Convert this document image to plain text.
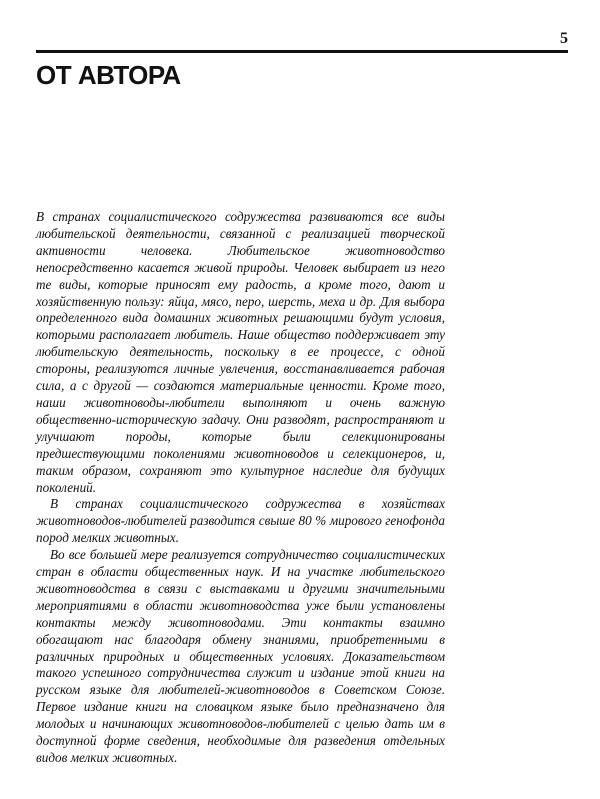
5
ОТ АВТОРА

В странах социалистического содружества развиваются все виды любительской деятельности, связанной с реализацией творческой активности человека. Любительское животноводство непосредственно касается живой природы. Человек выбирает из него те виды, которые приносят ему радость, а кроме того, дают и хозяйственную пользу: яйца, мясо, перо, шерсть, меха и др. Для выбора определенного вида домашних животных решающими будут условия, которыми располагает любитель. Наше общество поддерживает эту любительскую деятельность, поскольку в ее процессе, с одной стороны, реализуются личные увлечения, восстанавливается рабочая сила, а с другой — создаются материальные ценности. Кроме того, наши животноводы-любители выполняют и очень важную общественно-историческую задачу. Они разводят, распространяют и улучшают породы, которые были селекционированы предшествующими поколениями животноводов и селекционеров, и, таким образом, сохраняют это культурное наследие для будущих поколений.

В странах социалистического содружества в хозяйствах животноводов-любителей разводится свыше 80 % мирового генофонда пород мелких животных.

Во все большей мере реализуется сотрудничество социалистических стран в области общественных наук. И на участке любительского животноводства в связи с выставками и другими значительными мероприятиями в области животноводства уже были установлены контакты между животноводами. Эти контакты взаимно обогащают нас благодаря обмену знаниями, приобретенными в различных природных и общественных условиях. Доказательством такого успешного сотрудничества служит и издание этой книги на русском языке для любителей-животноводов в Советском Союзе. Первое издание книги на словацком языке было предназначено для молодых и начинающих животноводов-любителей с целью дать им в доступной форме сведения, необходимые для разведения отдельных видов мелких животных.
